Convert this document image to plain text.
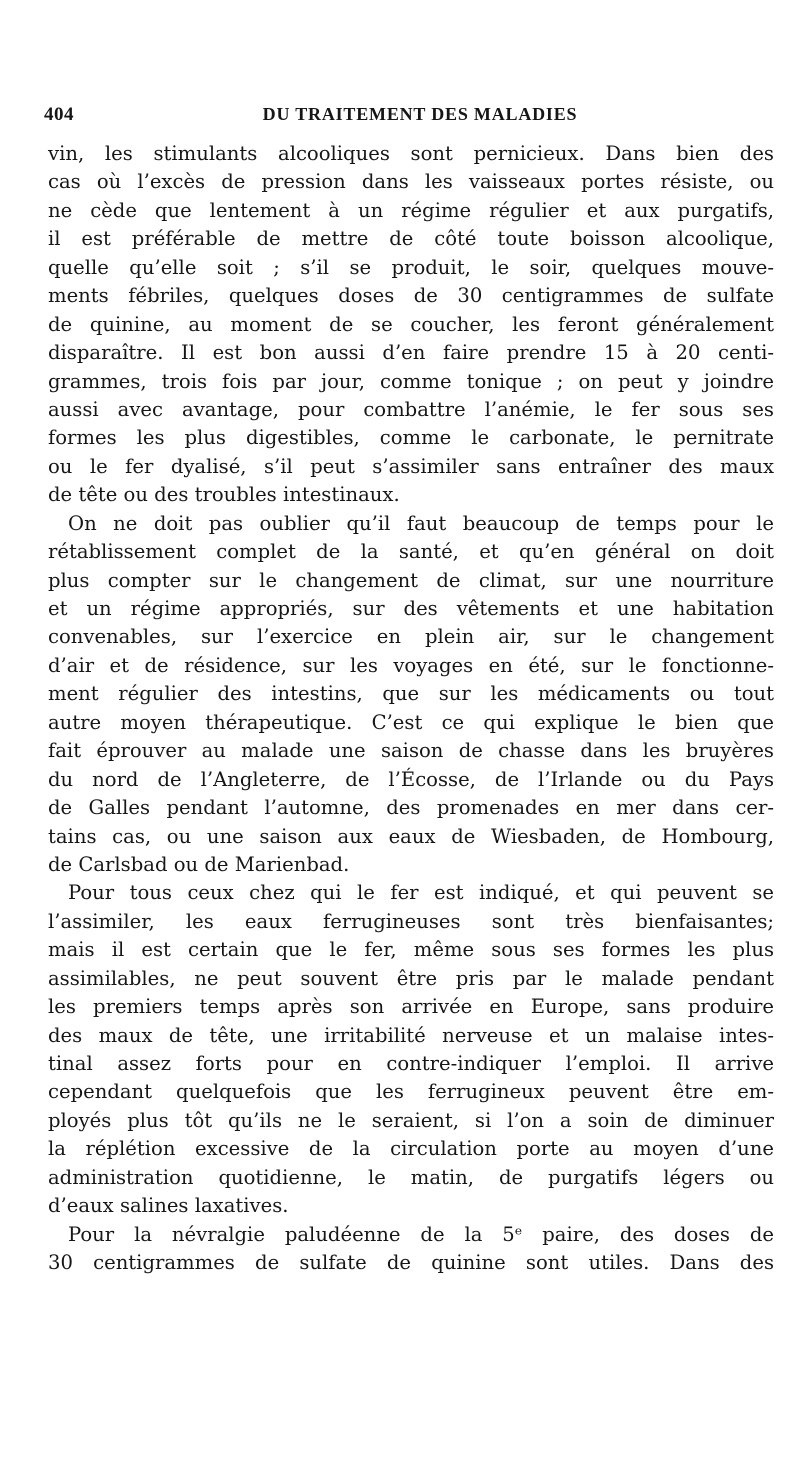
404	DU TRAITEMENT DES MALADIES
vin, les stimulants alcooliques sont pernicieux. Dans bien des
cas où l’excès de pression dans les vaisseaux portes résiste, ou
ne cède que lentement à un régime régulier et aux purgatifs,
il est préférable de mettre de côté toute boisson alcoolique,
quelle qu’elle soit ; s’il se produit, le soir, quelques mouve-
ments fébriles, quelques doses de 30 centigrammes de sulfate
de quinine, au moment de se coucher, les feront généralement
disparaître. Il est bon aussi d’en faire prendre 15 à 20 centi-
grammes, trois fois par jour, comme tonique ; on peut y joindre
aussi avec avantage, pour combattre l’anémie, le fer sous ses
formes les plus digestibles, comme le carbonate, le pernitrate
ou le fer dyalisé, s’il peut s’assimiler sans entraîner des maux
de tête ou des troubles intestinaux.
On ne doit pas oublier qu’il faut beaucoup de temps pour le
rétablissement complet de la santé, et qu’en général on doit
plus compter sur le changement de climat, sur une nourriture
et un régime appropriés, sur des vêtements et une habitation
convenables, sur l’exercice en plein air, sur le changement
d’air et de résidence, sur les voyages en été, sur le fonctionne-
ment régulier des intestins, que sur les médicaments ou tout
autre moyen thérapeutique. C’est ce qui explique le bien que
fait éprouver au malade une saison de chasse dans les bruyères
du nord de l’Angleterre, de l’Écosse, de l’Irlande ou du Pays
de Galles pendant l’automne, des promenades en mer dans cer-
tains cas, ou une saison aux eaux de Wiesbaden, de Hombourg,
de Carlsbad ou de Marienbad.
Pour tous ceux chez qui le fer est indiqué, et qui peuvent se
l’assimiler, les eaux ferrugineuses sont très bienfaisantes;
mais il est certain que le fer, même sous ses formes les plus
assimilables, ne peut souvent être pris par le malade pendant
les premiers temps après son arrivée en Europe, sans produire
des maux de tête, une irritabilité nerveuse et un malaise intes-
tinal assez forts pour en contre-indiquer l’emploi. Il arrive
cependant quelquefois que les ferrugineux peuvent être em-
ployés plus tôt qu’ils ne le seraient, si l’on a soin de diminuer
la réplétion excessive de la circulation porte au moyen d’une
administration quotidienne, le matin, de purgatifs légers ou
d’eaux salines laxatives.
Pour la névralgie paludéenne de la 5ᵉ paire, des doses de
30 centigrammes de sulfate de quinine sont utiles. Dans des
